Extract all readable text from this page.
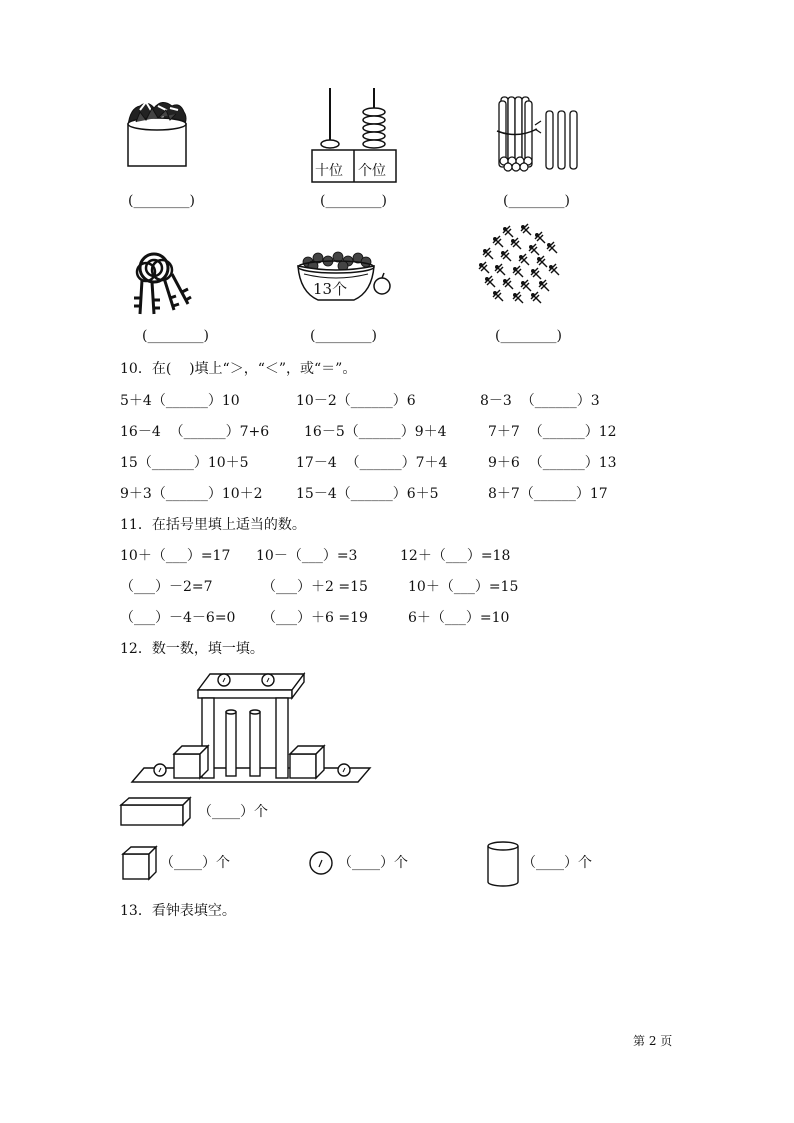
(________)
十位 个位
(________)	(________)
(________)
13个
(________)	(________)
10．在(    )填上“＞，“＜”，或“＝”。
5＋4（______）10	10－2（______）6	8－3  （______）3
16－4  （______）7+6 16－5（______）9＋4	7＋7  （______）12
15（______）10＋5	17－4  （______）7＋4	9＋6  （______）13
9＋3（______）10＋2 15－4（______）6＋5	8＋7（______）17
11．在括号里填上适当的数。
10＋（___）=17 10－（___）=3	12＋（___）=18
（___）－2=7	（___）＋2 =15	10＋（___）=15
（___）－4－6=0 （___）＋6 =19	6＋（___）=10
12．数一数，填一填。
（____）个
（____）个	（____）个	（____）个
13．看钟表填空。
第 2 页
